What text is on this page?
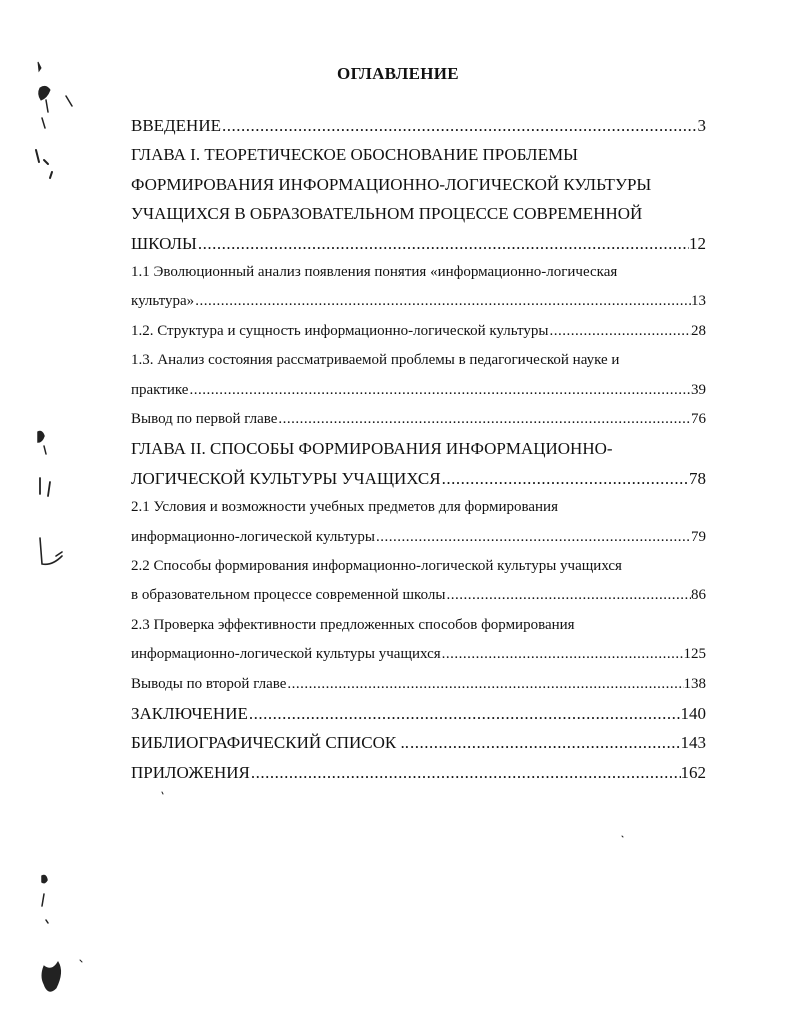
ОГЛАВЛЕНИЕ
ВВЕДЕНИЕ .....	3
ГЛАВА I. ТЕОРЕТИЧЕСКОЕ ОБОСНОВАНИЕ ПРОБЛЕМЫ
ФОРМИРОВАНИЯ ИНФОРМАЦИОННО-ЛОГИЧЕСКОЙ КУЛЬТУРЫ
УЧАЩИХСЯ В ОБРАЗОВАТЕЛЬНОМ ПРОЦЕССЕ СОВРЕМЕННОЙ
ШКОЛЫ .....	12
1.1 Эволюционный анализ появления понятия «информационно-логическая
культура» .....	13
1.2. Структура и сущность информационно-логической культуры .....	28
1.3. Анализ состояния рассматриваемой проблемы в педагогической науке и
практике .....	39
Вывод по первой главе .....	76
ГЛАВА II. СПОСОБЫ ФОРМИРОВАНИЯ ИНФОРМАЦИОННО-
ЛОГИЧЕСКОЙ КУЛЬТУРЫ УЧАЩИХСЯ .....	78
2.1 Условия и возможности учебных предметов для формирования
информационно-логической культуры .....	79
2.2 Способы формирования информационно-логической культуры учащихся
в образовательном процессе современной школы .....	86
2.3 Проверка эффективности предложенных способов формирования
информационно-логической культуры учащихся .....	125
Выводы по второй главе .....	138
ЗАКЛЮЧЕНИЕ .....	140
БИБЛИОГРАФИЧЕСКИЙ СПИСОК .. .....	143
ПРИЛОЖЕНИЯ .....	162
